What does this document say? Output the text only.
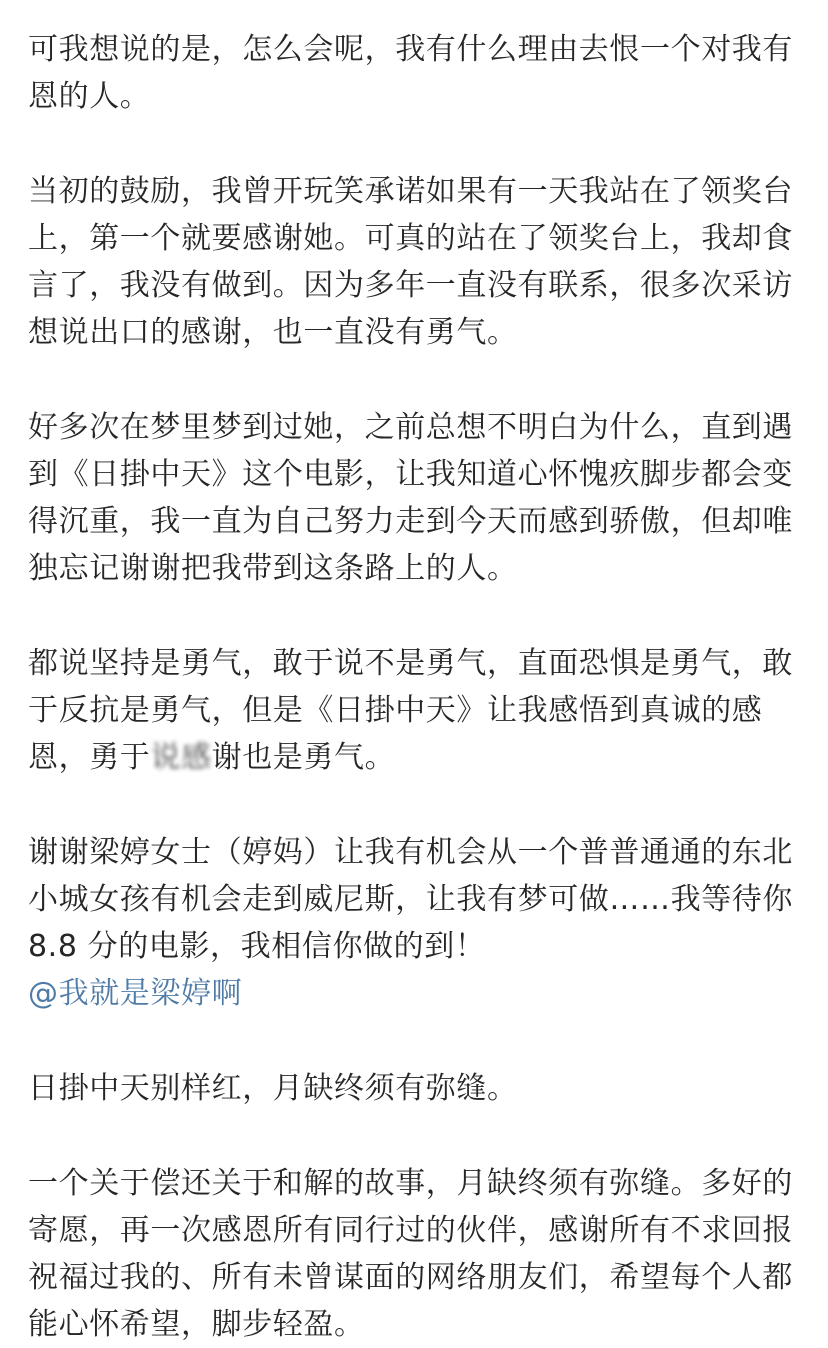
可我想说的是，怎么会呢，我有什么理由去恨一个对我有恩的人。

当初的鼓励，我曾开玩笑承诺如果有一天我站在了领奖台上，第一个就要感谢她。可真的站在了领奖台上，我却食言了，我没有做到。因为多年一直没有联系，很多次采访想说出口的感谢，也一直没有勇气。

好多次在梦里梦到过她，之前总想不明白为什么，直到遇到《日掛中天》这个电影，让我知道心怀愧疚脚步都会变得沉重，我一直为自己努力走到今天而感到骄傲，但却唯独忘记谢谢把我带到这条路上的人。

都说坚持是勇气，敢于说不是勇气，直面恐惧是勇气，敢于反抗是勇气，但是《日掛中天》让我感悟到真诚的感恩，勇于说感谢也是勇气。

谢谢梁婷女士（婷妈）让我有机会从一个普普通通的东北小城女孩有机会走到威尼斯，让我有梦可做……我等待你 8.8 分的电影，我相信你做的到！

@我就是梁婷啊

日掛中天别样红，月缺终须有弥缝。

一个关于偿还关于和解的故事，月缺终须有弥缝。多好的寄愿，再一次感恩所有同行过的伙伴，感谢所有不求回报祝福过我的、所有未曾谋面的网络朋友们，希望每个人都能心怀希望，脚步轻盈。
